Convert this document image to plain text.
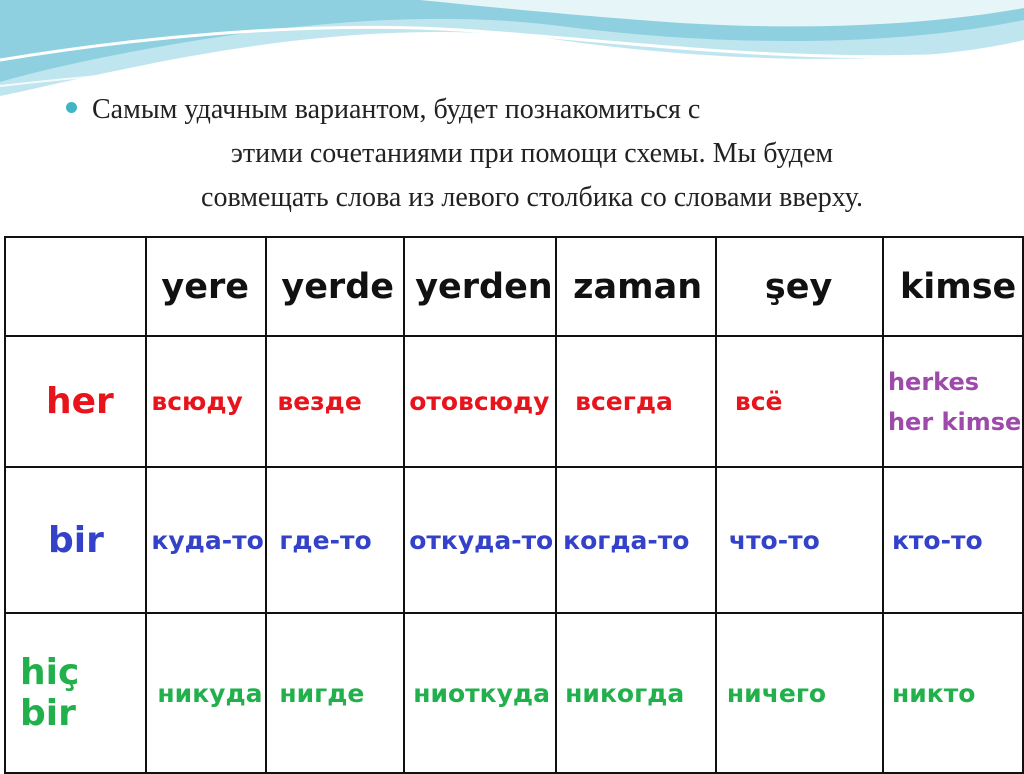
Самым удачным вариантом, будет познакомиться с
этими сочетаниями при помощи схемы. Мы будем
совмещать слова из левого столбика со словами вверху.
	yere	yerde	yerden	zaman	şey	kimse
her	всюду	везде	отовсюду	всегда	всё	herkes
her kimse

bir	куда-то	где-то	откуда-то	когда-то	что-то	кто-то
hiç bir	никуда	нигде	ниоткуда	никогда	ничего	никто
